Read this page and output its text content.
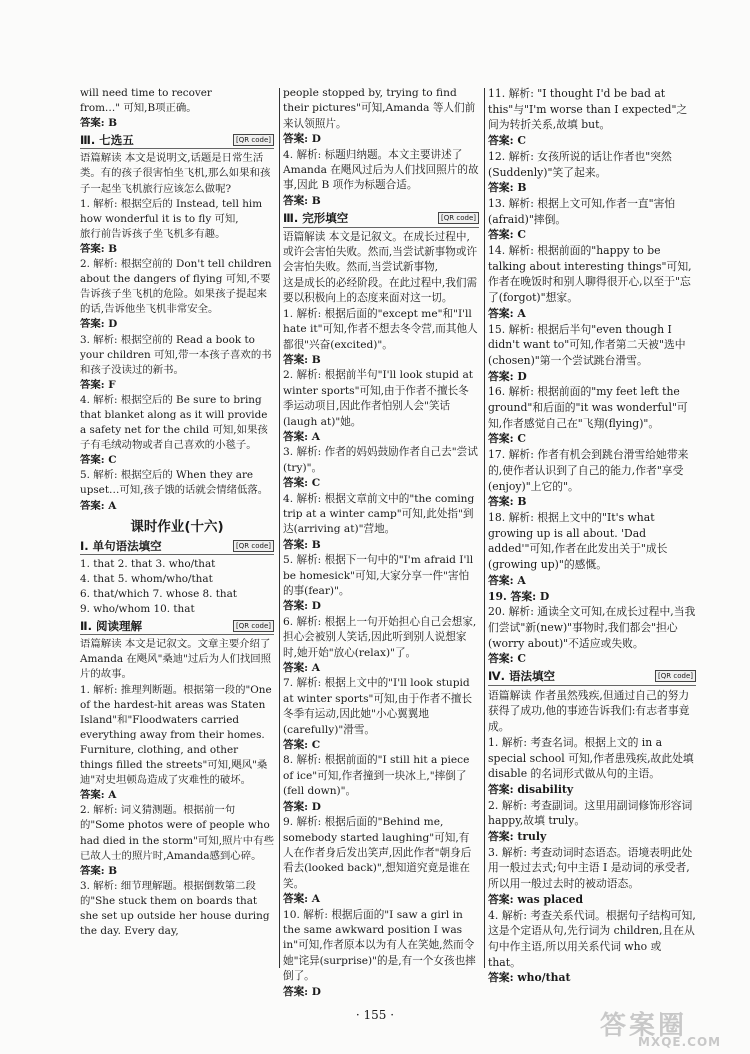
will need time to recover
from…" 可知,B项正确。
答案: B
Ⅲ. 七选五	[QR code]
语篇解读 本文是说明文,话题是日常生活类。有的孩子很害怕坐飞机,那么如果和孩子一起坐飞机旅行应该怎么做呢?
1. 解析: 根据空后的 Instead, tell him how wonderful it is to fly 可知,
旅行前告诉孩子坐飞机多有趣。
答案: B
2. 解析: 根据空前的 Don't tell children about the dangers of flying 可知,不要告诉孩子坐飞机的危险。如果孩子提起来的话,告诉他坐飞机非常安全。
答案: D
3. 解析: 根据空前的 Read a book to your children 可知,带一本孩子喜欢的书和孩子没读过的新书。
答案: F
4. 解析: 根据空后的 Be sure to bring that blanket along as it will provide a safety net for the child 可知,如果孩子有毛绒动物或者自己喜欢的小毯子。
答案: C
5. 解析: 根据空后的 When they are upset…可知,孩子饿的话就会情绪低落。
答案: A
课时作业(十六)
Ⅰ. 单句语法填空	[QR code]
1. that 2. that 3. who/that
4. that 5. whom/who/that
6. that/which 7. whose 8. that
9. who/whom 10. that
Ⅱ. 阅读理解	[QR code]
语篇解读 本文是记叙文。文章主要介绍了 Amanda 在飓风"桑迪"过后为人们找回照片的故事。
1. 解析: 推理判断题。根据第一段的"One of the hardest-hit areas was Staten Island"和"Floodwaters carried everything away from their homes. Furniture, clothing, and other things filled the streets"可知,飓风"桑迪"对史坦顿岛造成了灾难性的破坏。
答案: A
2. 解析: 词义猜测题。根据前一句的"Some photos were of people who had died in the storm"可知,照片中有些已故人士的照片时,Amanda感到心碎。
答案: B
3. 解析: 细节理解题。根据倒数第二段的"She stuck them on boards that she set up outside her house during the day. Every day,
people stopped by, trying to find their pictures"可知,Amanda 等人们前来认领照片。
答案: D
4. 解析: 标题归纳题。本文主要讲述了 Amanda 在飓风过后为人们找回照片的故事,因此 B 项作为标题合适。
答案: B
Ⅲ. 完形填空	[QR code]
语篇解读 本文是记叙文。在成长过程中,或许会害怕失败。然而,当尝试新事物或许会害怕失败。然而,当尝试新事物,
这是成长的必经阶段。在此过程中,我们需要以积极向上的态度来面对这一切。
1. 解析: 根据后面的"except me"和"I'll hate it"可知,作者不想去冬令营,而其他人都很"兴奋(excited)"。
答案: B
2. 解析: 根据前半句"I'll look stupid at winter sports"可知,由于作者不擅长冬季运动项目,因此作者怕别人会"笑话(laugh at)"她。
答案: A
3. 解析: 作者的妈妈鼓励作者自己去"尝试(try)"。
答案: C
4. 解析: 根据文章前文中的"the coming trip at a winter camp"可知,此处指"到达(arriving at)"营地。
答案: B
5. 解析: 根据下一句中的"I'm afraid I'll be homesick"可知,大家分享一件"害怕的事(fear)"。
答案: D
6. 解析: 根据上一句开始担心自己会想家,担心会被别人笑话,因此听到别人说想家时,她开始"放心(relax)"了。
答案: A
7. 解析: 根据上文中的"I'll look stupid at winter sports"可知,由于作者不擅长冬季有运动,因此她"小心翼翼地(carefully)"滑雪。
答案: C
8. 解析: 根据前面的"I still hit a piece of ice"可知,作者撞到一块冰上,"摔倒了(fell down)"。
答案: D
9. 解析: 根据后面的"Behind me, somebody started laughing"可知,有人在作者身后发出笑声,因此作者"朝身后看去(looked back)",想知道究竟是谁在笑。
答案: A
10. 解析: 根据后面的"I saw a girl in the same awkward position I was in"可知,作者原本以为有人在笑她,然而令她"诧异(surprise)"的是,有一个女孩也摔倒了。
答案: D
11. 解析: "I thought I'd be bad at this"与"I'm worse than I expected"之间为转折关系,故填 but。
答案: C
12. 解析: 女孩所说的话让作者也"突然(Suddenly)"笑了起来。
答案: B
13. 解析: 根据上文可知,作者一直"害怕(afraid)"摔倒。
答案: C
14. 解析: 根据前面的"happy to be talking about interesting things"可知,作者在晚饭时和别人聊得很开心,以至于"忘了(forgot)"想家。
答案: A
15. 解析: 根据后半句"even though I didn't want to"可知,作者第二天被"选中(chosen)"第一个尝试跳台滑雪。
答案: D
16. 解析: 根据前面的"my feet left the ground"和后面的"it was wonderful"可知,作者感觉自己在"飞翔(flying)"。
答案: C
17. 解析: 作者有机会到跳台滑雪给她带来的,使作者认识到了自己的能力,作者"享受(enjoy)"上它的"。
答案: B
18. 解析: 根据上文中的"It's what growing up is all about. 'Dad added'"可知,作者在此发出关于"成长(growing up)"的感慨。
答案: A
19. 答案: D
20. 解析: 通读全文可知,在成长过程中,当我们尝试"新(new)"事物时,我们都会"担心(worry about)"不适应或失败。
答案: C
Ⅳ. 语法填空	[QR code]
语篇解读 作者虽然残疾,但通过自己的努力获得了成功,他的事迹告诉我们:有志者事竟成。
1. 解析: 考查名词。根据上文的 in a special school 可知,作者患残疾,故此处填 disable 的名词形式做从句的主语。
答案: disability
2. 解析: 考查副词。这里用副词修饰形容词 happy,故填 truly。
答案: truly
3. 解析: 考查动词时态语态。语境表明此处用一般过去式;句中主语 I 是动词的承受者,所以用一般过去时的被动语态。
答案: was placed
4. 解析: 考查关系代词。根据句子结构可知,这是个定语从句,先行词为 children,且在从句中作主语,所以用关系代词 who 或 that。
答案: who/that
· 155 ·	答案圈
MXQE.COM
